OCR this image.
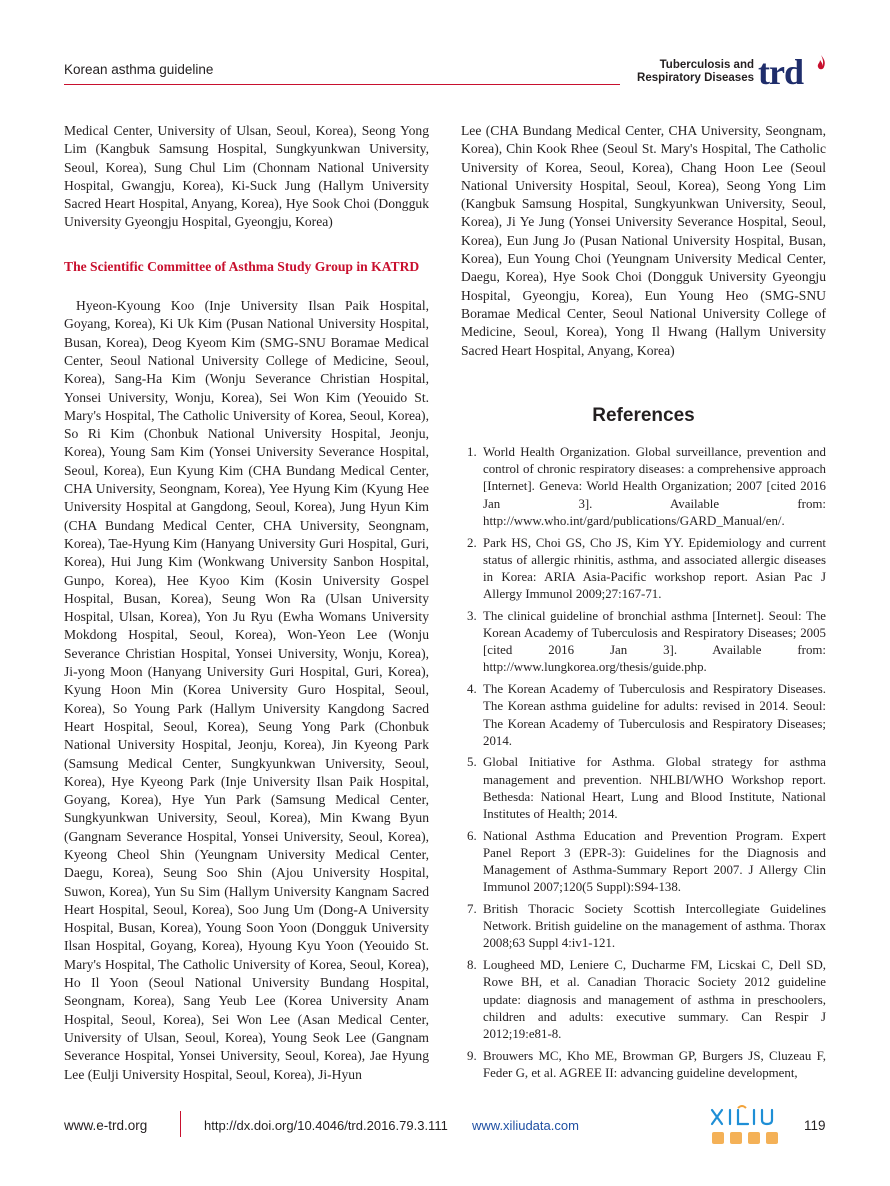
Korean asthma guideline	Tuberculosis and
Respiratory Diseases trd

Medical Center, University of Ulsan, Seoul, Korea), Seong Yong Lim (Kangbuk Samsung Hospital, Sungkyunkwan University, Seoul, Korea), Sung Chul Lim (Chonnam National University Hospital, Gwangju, Korea), Ki-Suck Jung (Hallym University Sacred Heart Hospital, Anyang, Korea), Hye Sook Choi (Dongguk University Gyeongju Hospital, Gyeongju, Korea)

The Scientific Committee of Asthma Study Group in KATRD

Hyeon-Kyoung Koo (Inje University Ilsan Paik Hospital, Goyang, Korea), Ki Uk Kim (Pusan National University Hospital, Busan, Korea), Deog Kyeom Kim (SMG-SNU Boramae Medical Center, Seoul National University College of Medicine, Seoul, Korea), Sang-Ha Kim (Wonju Severance Christian Hospital, Yonsei University, Wonju, Korea), Sei Won Kim (Yeouido St. Mary's Hospital, The Catholic University of Korea, Seoul, Korea), So Ri Kim (Chonbuk National University Hospital, Jeonju, Korea), Young Sam Kim (Yonsei University Severance Hospital, Seoul, Korea), Eun Kyung Kim (CHA Bundang Medical Center, CHA University, Seongnam, Korea), Yee Hyung Kim (Kyung Hee University Hospital at Gangdong, Seoul, Korea), Jung Hyun Kim (CHA Bundang Medical Center, CHA University, Seongnam, Korea), Tae-Hyung Kim (Hanyang University Guri Hospital, Guri, Korea), Hui Jung Kim (Wonkwang University Sanbon Hospital, Gunpo, Korea), Hee Kyoo Kim (Kosin University Gospel Hospital, Busan, Korea), Seung Won Ra (Ulsan University Hospital, Ulsan, Korea), Yon Ju Ryu (Ewha Womans University Mokdong Hospital, Seoul, Korea), Won-Yeon Lee (Wonju Severance Christian Hospital, Yonsei University, Wonju, Korea), Ji-yong Moon (Hanyang University Guri Hospital, Guri, Korea), Kyung Hoon Min (Korea University Guro Hospital, Seoul, Korea), So Young Park (Hallym University Kangdong Sacred Heart Hospital, Seoul, Korea), Seung Yong Park (Chonbuk National University Hospital, Jeonju, Korea), Jin Kyeong Park (Samsung Medical Center, Sungkyunkwan University, Seoul, Korea), Hye Kyeong Park (Inje University Ilsan Paik Hospital, Goyang, Korea), Hye Yun Park (Samsung Medical Center, Sungkyunkwan University, Seoul, Korea), Min Kwang Byun (Gangnam Severance Hospital, Yonsei University, Seoul, Korea), Kyeong Cheol Shin (Yeungnam University Medical Center, Daegu, Korea), Seung Soo Shin (Ajou University Hospital, Suwon, Korea), Yun Su Sim (Hallym University Kangnam Sacred Heart Hospital, Seoul, Korea), Soo Jung Um (Dong-A University Hospital, Busan, Korea), Young Soon Yoon (Dongguk University Ilsan Hospital, Goyang, Korea), Hyoung Kyu Yoon (Yeouido St. Mary's Hospital, The Catholic University of Korea, Seoul, Korea), Ho Il Yoon (Seoul National University Bundang Hospital, Seongnam, Korea), Sang Yeub Lee (Korea University Anam Hospital, Seoul, Korea), Sei Won Lee (Asan Medical Center, University of Ulsan, Seoul, Korea), Young Seok Lee (Gangnam Severance Hospital, Yonsei University, Seoul, Korea), Jae Hyung Lee (Eulji University Hospital, Seoul, Korea), Ji-Hyun

Lee (CHA Bundang Medical Center, CHA University, Seongnam, Korea), Chin Kook Rhee (Seoul St. Mary's Hospital, The Catholic University of Korea, Seoul, Korea), Chang Hoon Lee (Seoul National University Hospital, Seoul, Korea), Seong Yong Lim (Kangbuk Samsung Hospital, Sungkyunkwan University, Seoul, Korea), Ji Ye Jung (Yonsei University Severance Hospital, Seoul, Korea), Eun Jung Jo (Pusan National University Hospital, Busan, Korea), Eun Young Choi (Yeungnam University Medical Center, Daegu, Korea), Hye Sook Choi (Dongguk University Gyeongju Hospital, Gyeongju, Korea), Eun Young Heo (SMG-SNU Boramae Medical Center, Seoul National University College of Medicine, Seoul, Korea), Yong Il Hwang (Hallym University Sacred Heart Hospital, Anyang, Korea)

References
1. World Health Organization. Global surveillance, prevention and control of chronic respiratory diseases: a comprehensive approach [Internet]. Geneva: World Health Organization; 2007 [cited 2016 Jan 3]. Available from: http://www.who.int/gard/publications/GARD_Manual/en/.
2. Park HS, Choi GS, Cho JS, Kim YY. Epidemiology and current status of allergic rhinitis, asthma, and associated allergic diseases in Korea: ARIA Asia-Pacific workshop report. Asian Pac J Allergy Immunol 2009;27:167-71.
3. The clinical guideline of bronchial asthma [Internet]. Seoul: The Korean Academy of Tuberculosis and Respiratory Diseases; 2005 [cited 2016 Jan 3]. Available from: http://www.lungkorea.org/thesis/guide.php.
4. The Korean Academy of Tuberculosis and Respiratory Diseases. The Korean asthma guideline for adults: revised in 2014. Seoul: The Korean Academy of Tuberculosis and Respiratory Diseases; 2014.
5. Global Initiative for Asthma. Global strategy for asthma management and prevention. NHLBI/WHO Workshop report. Bethesda: National Heart, Lung and Blood Institute, National Institutes of Health; 2014.
6. National Asthma Education and Prevention Program. Expert Panel Report 3 (EPR-3): Guidelines for the Diagnosis and Management of Asthma-Summary Report 2007. J Allergy Clin Immunol 2007;120(5 Suppl):S94-138.
7. British Thoracic Society Scottish Intercollegiate Guidelines Network. British guideline on the management of asthma. Thorax 2008;63 Suppl 4:iv1-121.
8. Lougheed MD, Leniere C, Ducharme FM, Licskai C, Dell SD, Rowe BH, et al. Canadian Thoracic Society 2012 guideline update: diagnosis and management of asthma in preschoolers, children and adults: executive summary. Can Respir J 2012;19:e81-8.
9. Brouwers MC, Kho ME, Browman GP, Burgers JS, Cluzeau F, Feder G, et al. AGREE II: advancing guideline development,
www.e-trd.org	http://dx.doi.org/10.4046/trd.2016.79.3.111 www.xiliudata.com	119
